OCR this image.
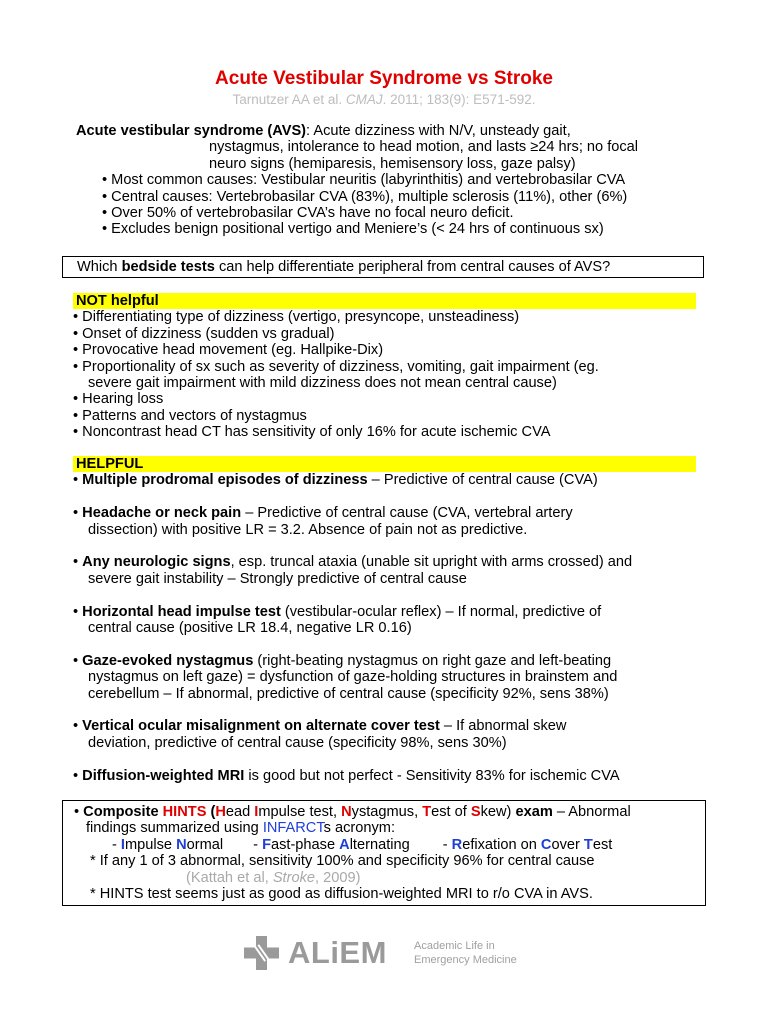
Acute Vestibular Syndrome vs Stroke
Tarnutzer AA et al. CMAJ. 2011; 183(9): E571-592.
Acute vestibular syndrome (AVS): Acute dizziness with N/V, unsteady gait,
nystagmus, intolerance to head motion, and lasts ≥24 hrs; no focal
neuro signs (hemiparesis, hemisensory loss, gaze palsy)
• Most common causes: Vestibular neuritis (labyrinthitis) and vertebrobasilar CVA
• Central causes: Vertebrobasilar CVA (83%), multiple sclerosis (11%), other (6%)
• Over 50% of vertebrobasilar CVA’s have no focal neuro deficit.
• Excludes benign positional vertigo and Meniere’s (< 24 hrs of continuous sx)
Which bedside tests can help differentiate peripheral from central causes of AVS?
NOT helpful
• Differentiating type of dizziness (vertigo, presyncope, unsteadiness)
• Onset of dizziness (sudden vs gradual)
• Provocative head movement (eg. Hallpike-Dix)
• Proportionality of sx such as severity of dizziness, vomiting, gait impairment (eg.
severe gait impairment with mild dizziness does not mean central cause)
• Hearing loss
• Patterns and vectors of nystagmus
• Noncontrast head CT has sensitivity of only 16% for acute ischemic CVA
HELPFUL
• Multiple prodromal episodes of dizziness – Predictive of central cause (CVA)
• Headache or neck pain – Predictive of central cause (CVA, vertebral artery
dissection) with positive LR = 3.2. Absence of pain not as predictive.
• Any neurologic signs, esp. truncal ataxia (unable sit upright with arms crossed) and
severe gait instability – Strongly predictive of central cause
• Horizontal head impulse test (vestibular-ocular reflex) – If normal, predictive of
central cause (positive LR 18.4, negative LR 0.16)
• Gaze-evoked nystagmus (right-beating nystagmus on right gaze and left-beating
nystagmus on left gaze) = dysfunction of gaze-holding structures in brainstem and
cerebellum – If abnormal, predictive of central cause (specificity 92%, sens 38%)
• Vertical ocular misalignment on alternate cover test – If abnormal skew
deviation, predictive of central cause (specificity 98%, sens 30%)
• Diffusion-weighted MRI is good but not perfect - Sensitivity 83% for ischemic CVA
• Composite HINTS (Head Impulse test, Nystagmus, Test of Skew) exam – Abnormal
findings summarized using INFARCTs acronym:
- Impulse Normal - Fast-phase Alternating - Refixation on Cover Test
* If any 1 of 3 abnormal, sensitivity 100% and specificity 96% for central cause
(Kattah et al, Stroke, 2009)
* HINTS test seems just as good as diffusion-weighted MRI to r/o CVA in AVS.
ALiEM Academic Life in
Emergency Medicine
